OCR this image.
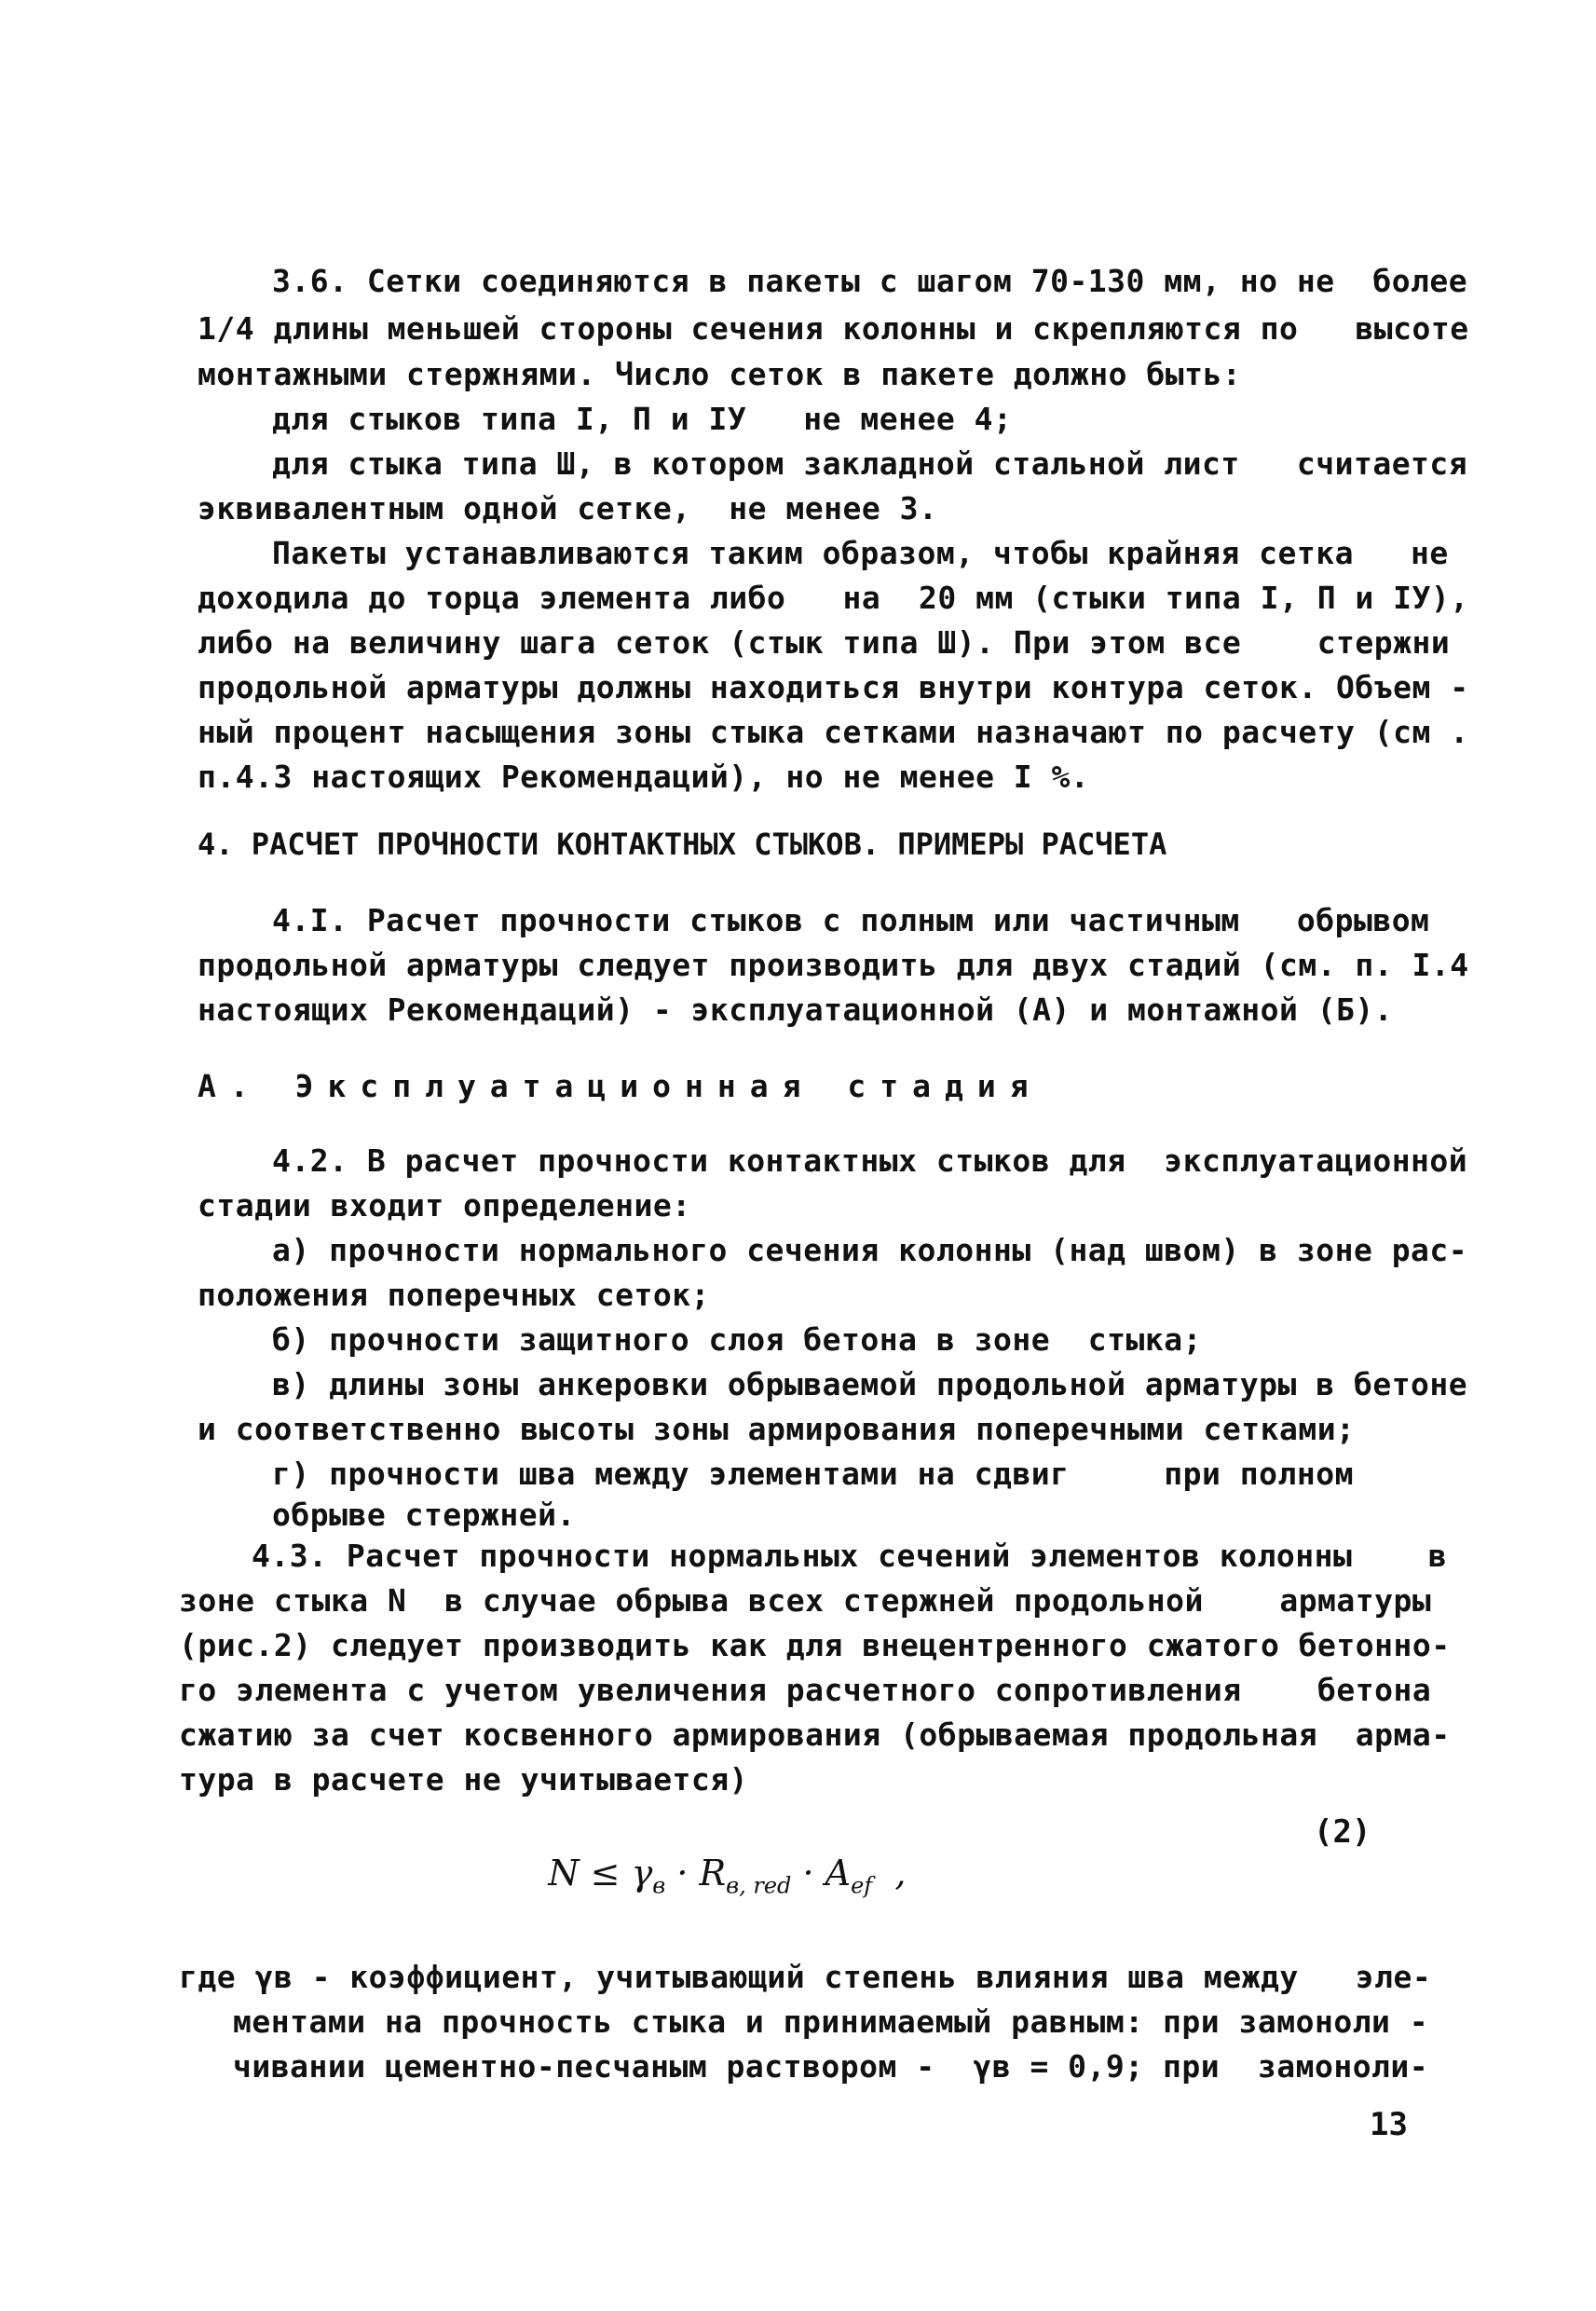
3.6. Сетки соединяются в пакеты с шагом 70-130 мм, но не  более
1/4 длины меньшей стороны сечения колонны и скрепляются по   высоте
монтажными стержнями. Число сеток в пакете должно быть:
для стыков типа I, П и IУ   не менее 4;
для стыка типа Ш, в котором закладной стальной лист   считается
эквивалентным одной сетке,  не менее 3.
Пакеты устанавливаются таким образом, чтобы крайняя сетка   не
доходила до торца элемента либо   на  20 мм (стыки типа I, П и IУ),
либо на величину шага сеток (стык типа Ш). При этом все    стержни
продольной арматуры должны находиться внутри контура сеток. Объем -
ный процент насыщения зоны стыка сетками назначают по расчету (см .
п.4.3 настоящих Рекомендаций), но не менее I %.
4. РАСЧЕТ ПРОЧНОСТИ КОНТАКТНЫХ СТЫКОВ. ПРИМЕРЫ РАСЧЕТА
4.I. Расчет прочности стыков с полным или частичным   обрывом
продольной арматуры следует производить для двух стадий (см. п. I.4
настоящих Рекомендаций) - эксплуатационной (А) и монтажной (Б).
А. Эксплуатационная стадия
4.2. В расчет прочности контактных стыков для  эксплуатационной
стадии входит определение:
а) прочности нормального сечения колонны (над швом) в зоне рас-
положения поперечных сеток;
б) прочности защитного слоя бетона в зоне  стыка;
в) длины зоны анкеровки обрываемой продольной арматуры в бетоне
и соответственно высоты зоны армирования поперечными сетками;
г) прочности шва между элементами на сдвиг     при полном
обрыве стержней.
4.3. Расчет прочности нормальных сечений элементов колонны    в
зоне стыка N  в случае обрыва всех стержней продольной    арматуры
(рис.2) следует производить как для внецентренного сжатого бетонно-
го элемента с учетом увеличения расчетного сопротивления    бетона
сжатию за счет косвенного армирования (обрываемая продольная  арма-
тура в расчете не учитывается)

$N \le \gamma_в \cdot R_{в, red} \cdot A_{ef}$  ,

(2)
где γв - коэффициент, учитывающий степень влияния шва между   эле-
ментами на прочность стыка и принимаемый равным: при замоноли -
чивании цементно-песчаным раствором -  γв = 0,9; при  замоноли-
13
